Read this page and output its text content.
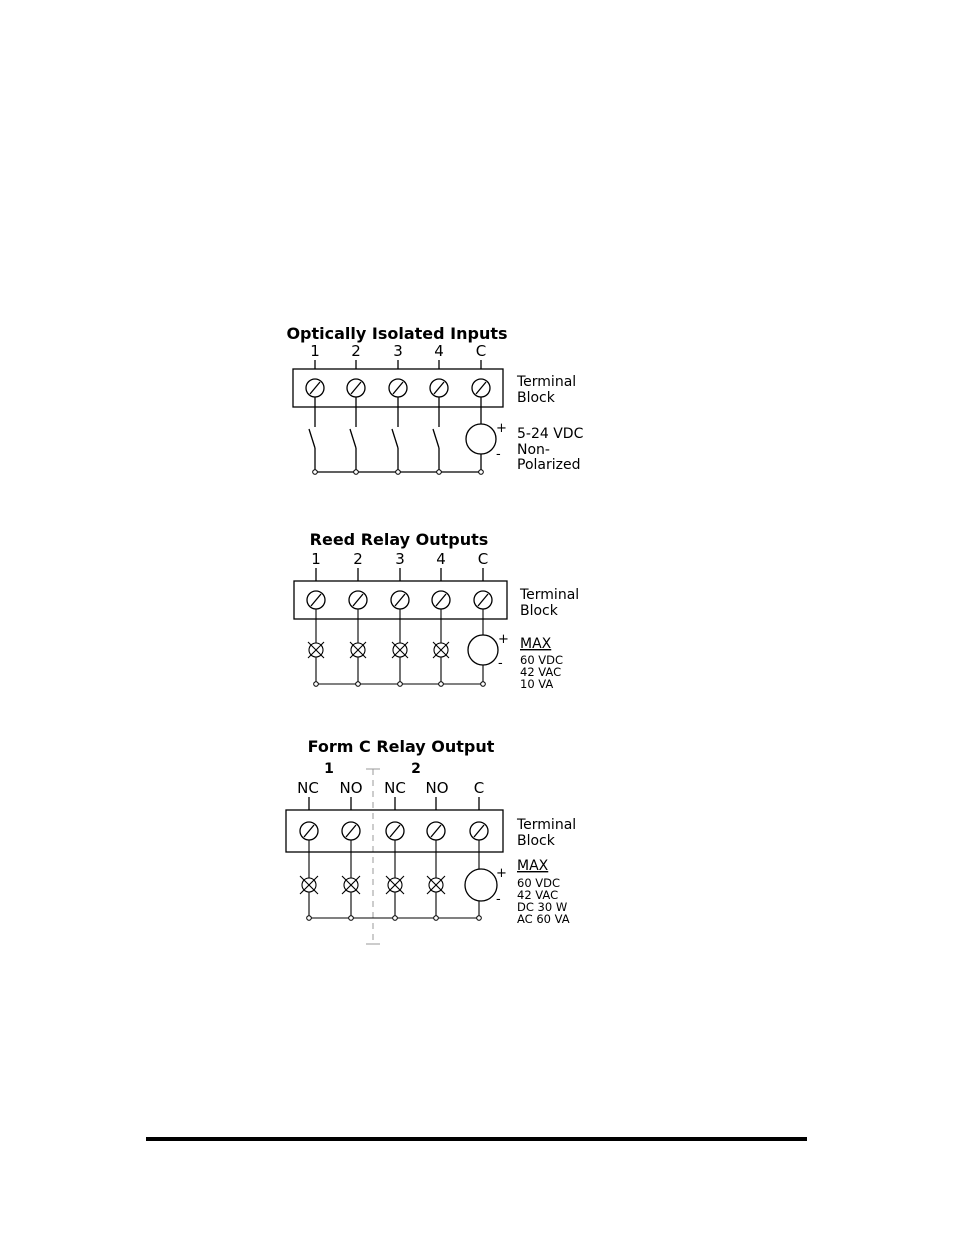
Optically Isolated Inputs
1 2 3 4 C
+
-
Terminal
Block
5-24 VDC
Non-
Polarized
Reed Relay Outputs
1 2 3 4 C
+
-
Terminal
Block
MAX
60 VDC
42 VAC
10 VA
Form C Relay Output
1	2
NC NO NC NO C
+
-
Terminal
Block
MAX
60 VDC
42 VAC
DC 30 W
AC 60 VA
